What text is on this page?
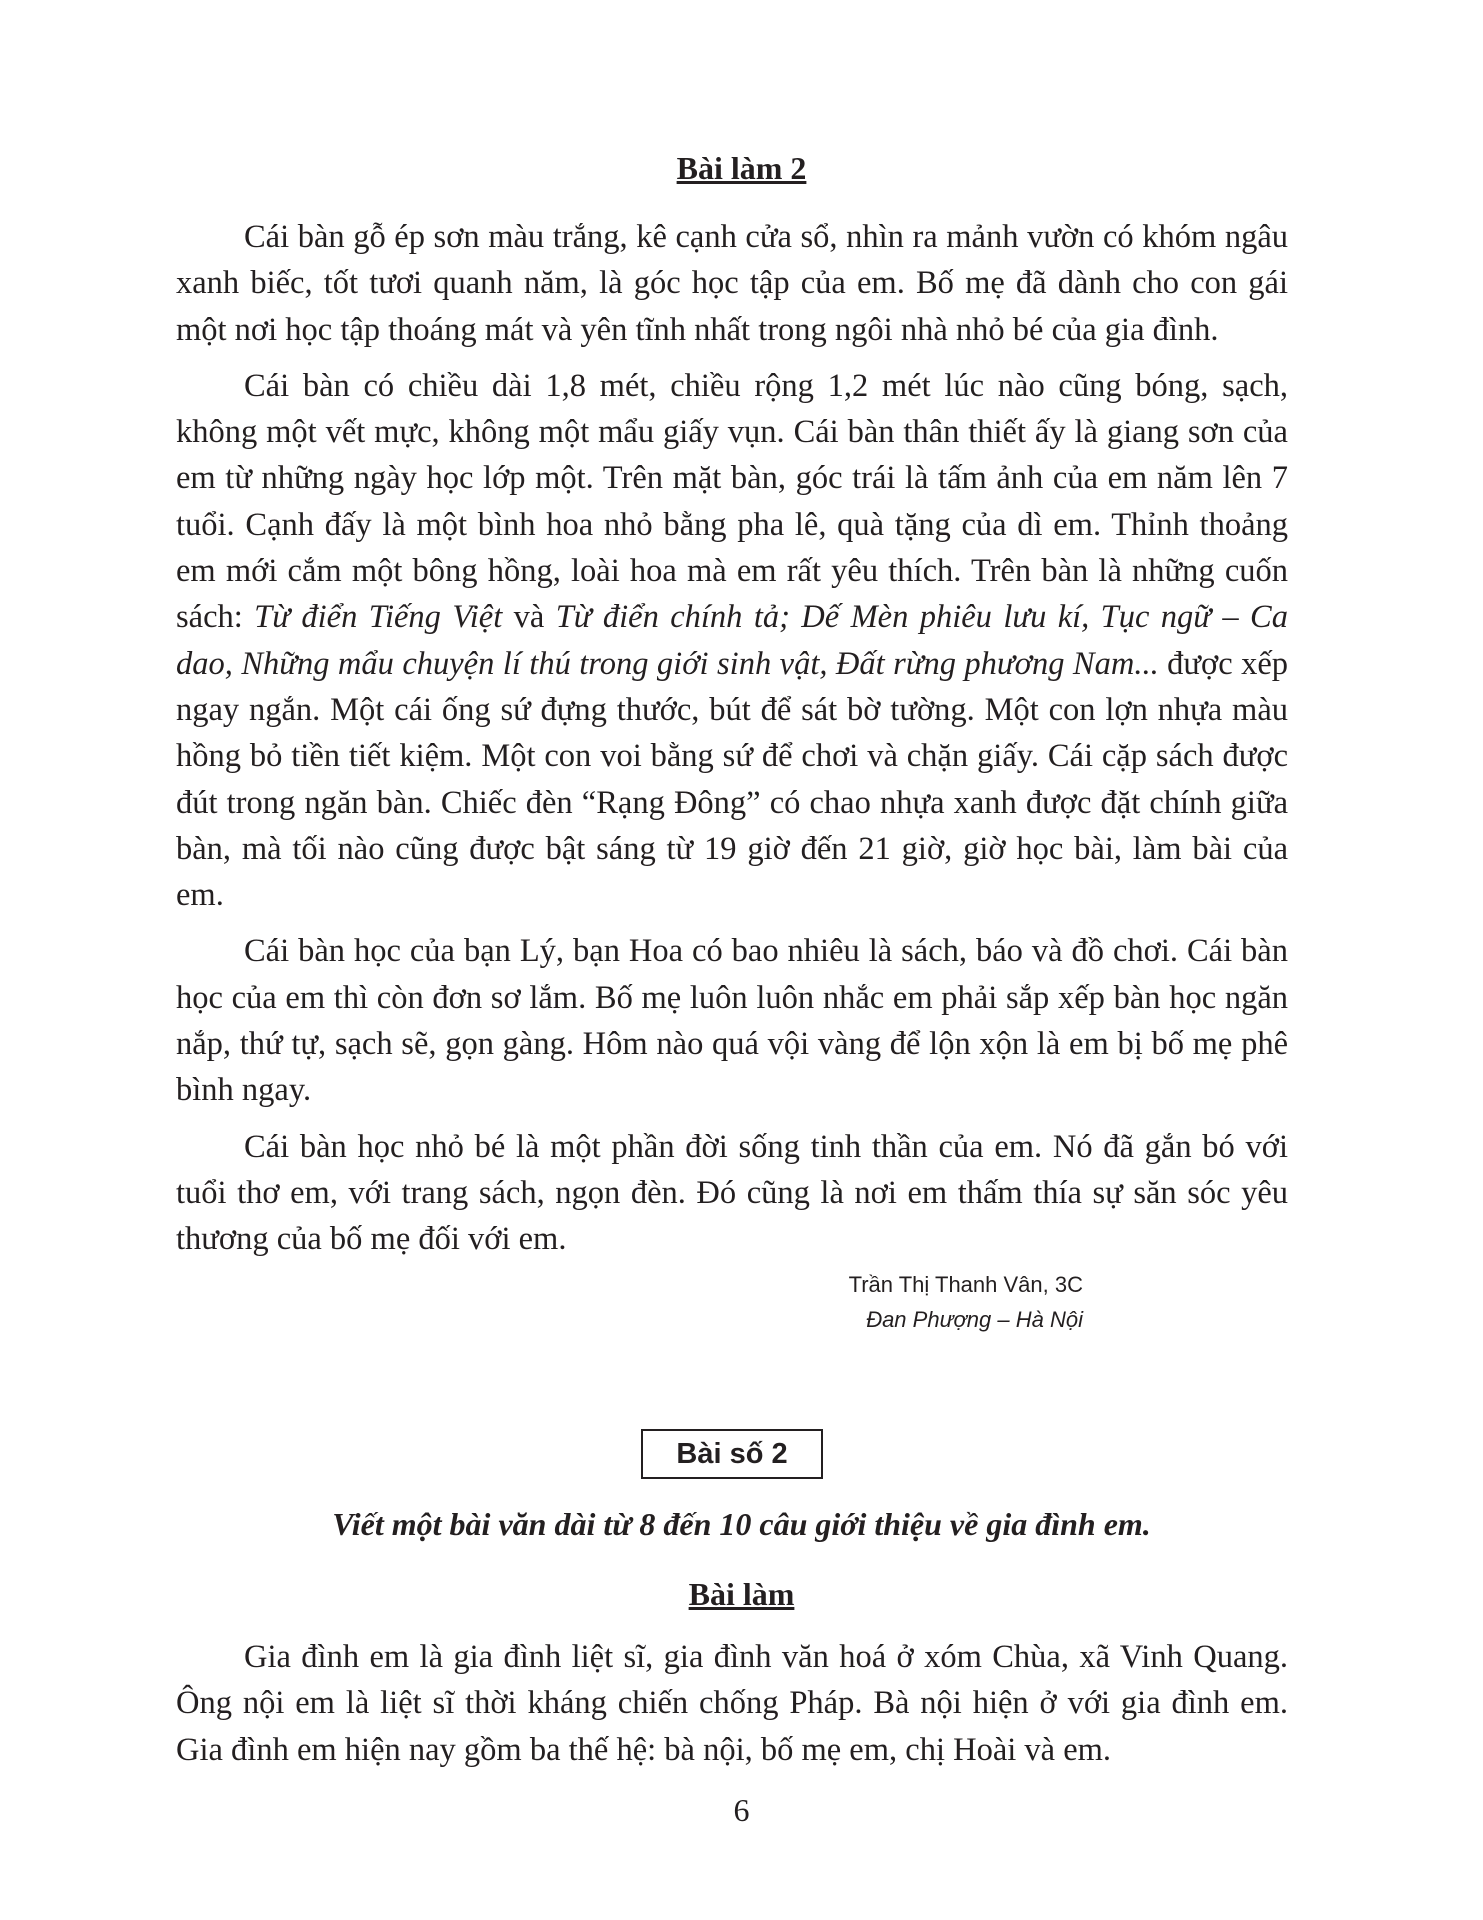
Bài làm 2

Cái bàn gỗ ép sơn màu trắng, kê cạnh cửa sổ, nhìn ra mảnh vườn có khóm ngâu xanh biếc, tốt tươi quanh năm, là góc học tập của em. Bố mẹ đã dành cho con gái một nơi học tập thoáng mát và yên tĩnh nhất trong ngôi nhà nhỏ bé của gia đình.

Cái bàn có chiều dài 1,8 mét, chiều rộng 1,2 mét lúc nào cũng bóng, sạch, không một vết mực, không một mẩu giấy vụn. Cái bàn thân thiết ấy là giang sơn của em từ những ngày học lớp một. Trên mặt bàn, góc trái là tấm ảnh của em năm lên 7 tuổi. Cạnh đấy là một bình hoa nhỏ bằng pha lê, quà tặng của dì em. Thỉnh thoảng em mới cắm một bông hồng, loài hoa mà em rất yêu thích. Trên bàn là những cuốn sách: Từ điển Tiếng Việt và Từ điển chính tả; Dế Mèn phiêu lưu kí, Tục ngữ – Ca dao, Những mẩu chuyện lí thú trong giới sinh vật, Đất rừng phương Nam... được xếp ngay ngắn. Một cái ống sứ đựng thước, bút để sát bờ tường. Một con lợn nhựa màu hồng bỏ tiền tiết kiệm. Một con voi bằng sứ để chơi và chặn giấy. Cái cặp sách được đút trong ngăn bàn. Chiếc đèn “Rạng Đông” có chao nhựa xanh được đặt chính giữa bàn, mà tối nào cũng được bật sáng từ 19 giờ đến 21 giờ, giờ học bài, làm bài của em.

Cái bàn học của bạn Lý, bạn Hoa có bao nhiêu là sách, báo và đồ chơi. Cái bàn học của em thì còn đơn sơ lắm. Bố mẹ luôn luôn nhắc em phải sắp xếp bàn học ngăn nắp, thứ tự, sạch sẽ, gọn gàng. Hôm nào quá vội vàng để lộn xộn là em bị bố mẹ phê bình ngay.

Cái bàn học nhỏ bé là một phần đời sống tinh thần của em. Nó đã gắn bó với tuổi thơ em, với trang sách, ngọn đèn. Đó cũng là nơi em thấm thía sự săn sóc yêu thương của bố mẹ đối với em.

Trần Thị Thanh Vân, 3C
Đan Phượng – Hà Nội
Bài số 2

Viết một bài văn dài từ 8 đến 10 câu giới thiệu về gia đình em.

Bài làm

Gia đình em là gia đình liệt sĩ, gia đình văn hoá ở xóm Chùa, xã Vinh Quang. Ông nội em là liệt sĩ thời kháng chiến chống Pháp. Bà nội hiện ở với gia đình em. Gia đình em hiện nay gồm ba thế hệ: bà nội, bố mẹ em, chị Hoài và em.

6
